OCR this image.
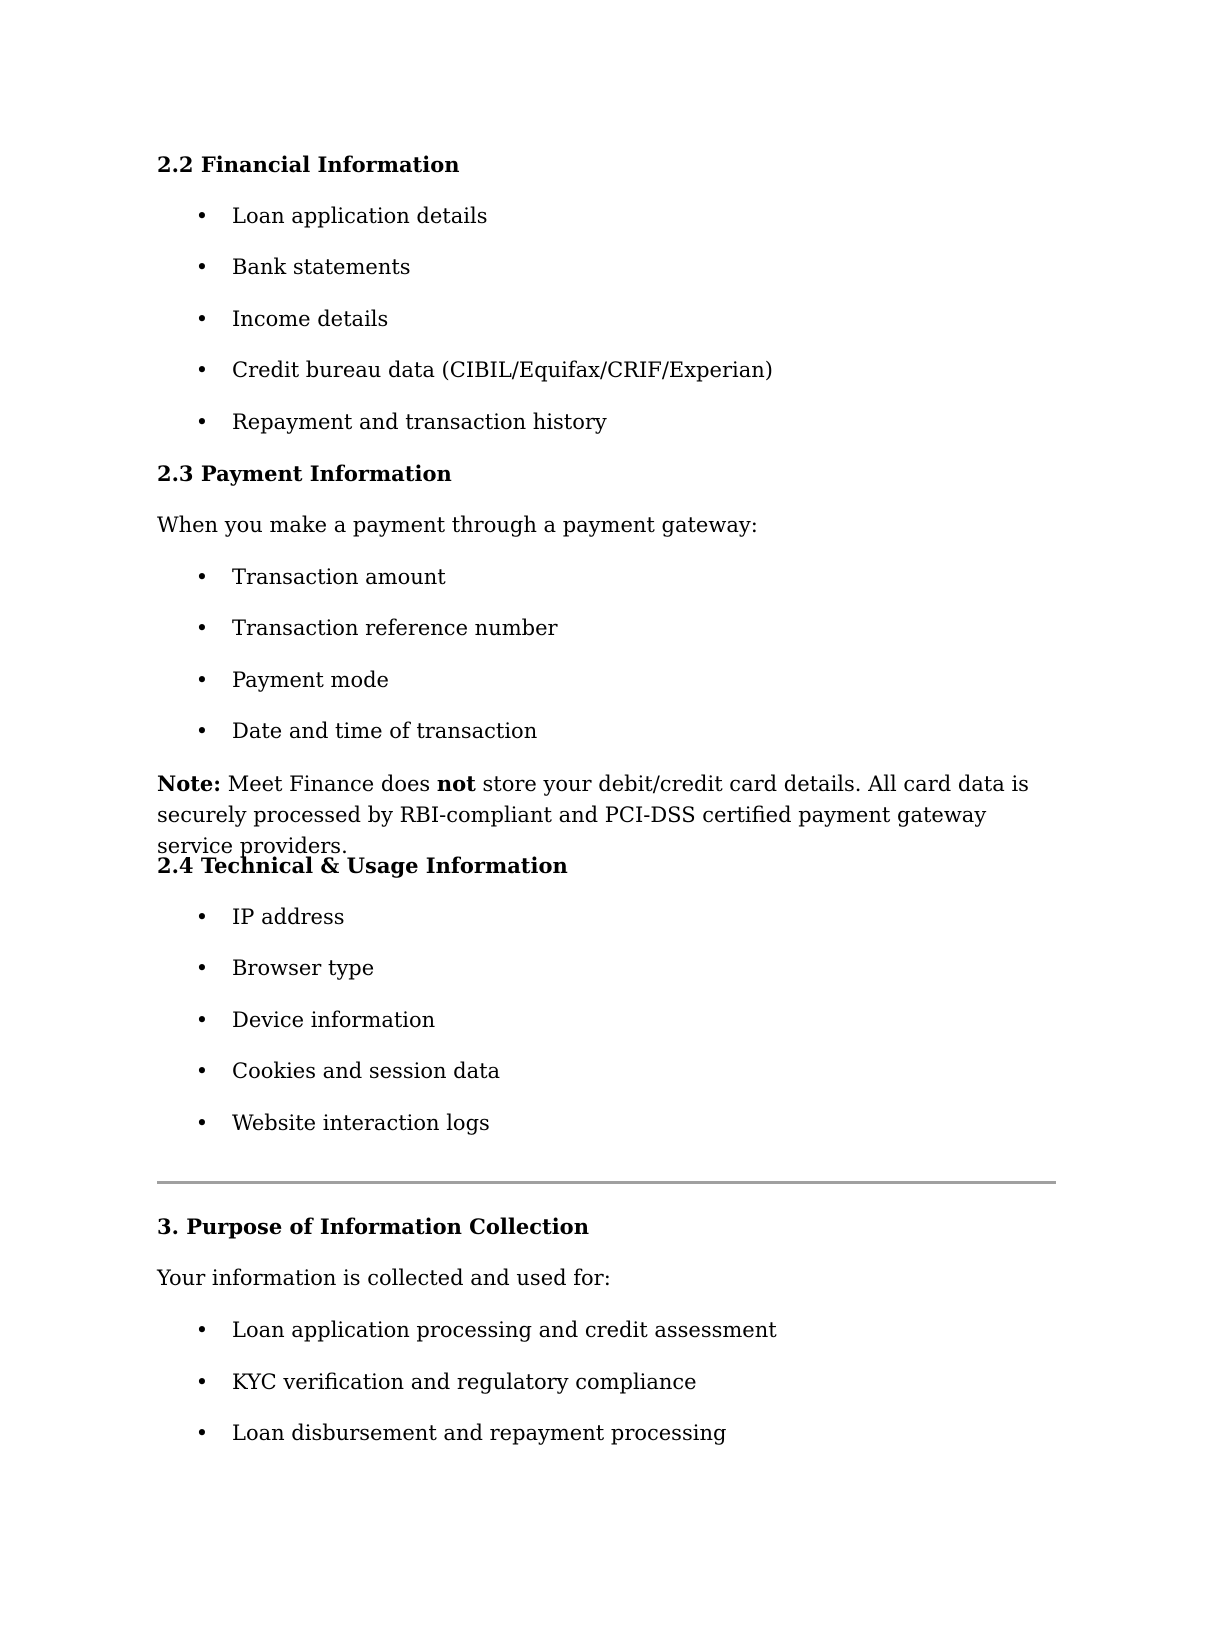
2.2 Financial Information
• Loan application details
• Bank statements
• Income details
• Credit bureau data (CIBIL/Equifax/CRIF/Experian)
• Repayment and transaction history
2.3 Payment Information
When you make a payment through a payment gateway:
• Transaction amount
• Transaction reference number
• Payment mode
• Date and time of transaction
Note: Meet Finance does not store your debit/credit card details. All card data is securely processed by RBI-compliant and PCI-DSS certified payment gateway service providers.
2.4 Technical & Usage Information
• IP address
• Browser type
• Device information
• Cookies and session data
• Website interaction logs
3. Purpose of Information Collection
Your information is collected and used for:
• Loan application processing and credit assessment
• KYC verification and regulatory compliance
• Loan disbursement and repayment processing
